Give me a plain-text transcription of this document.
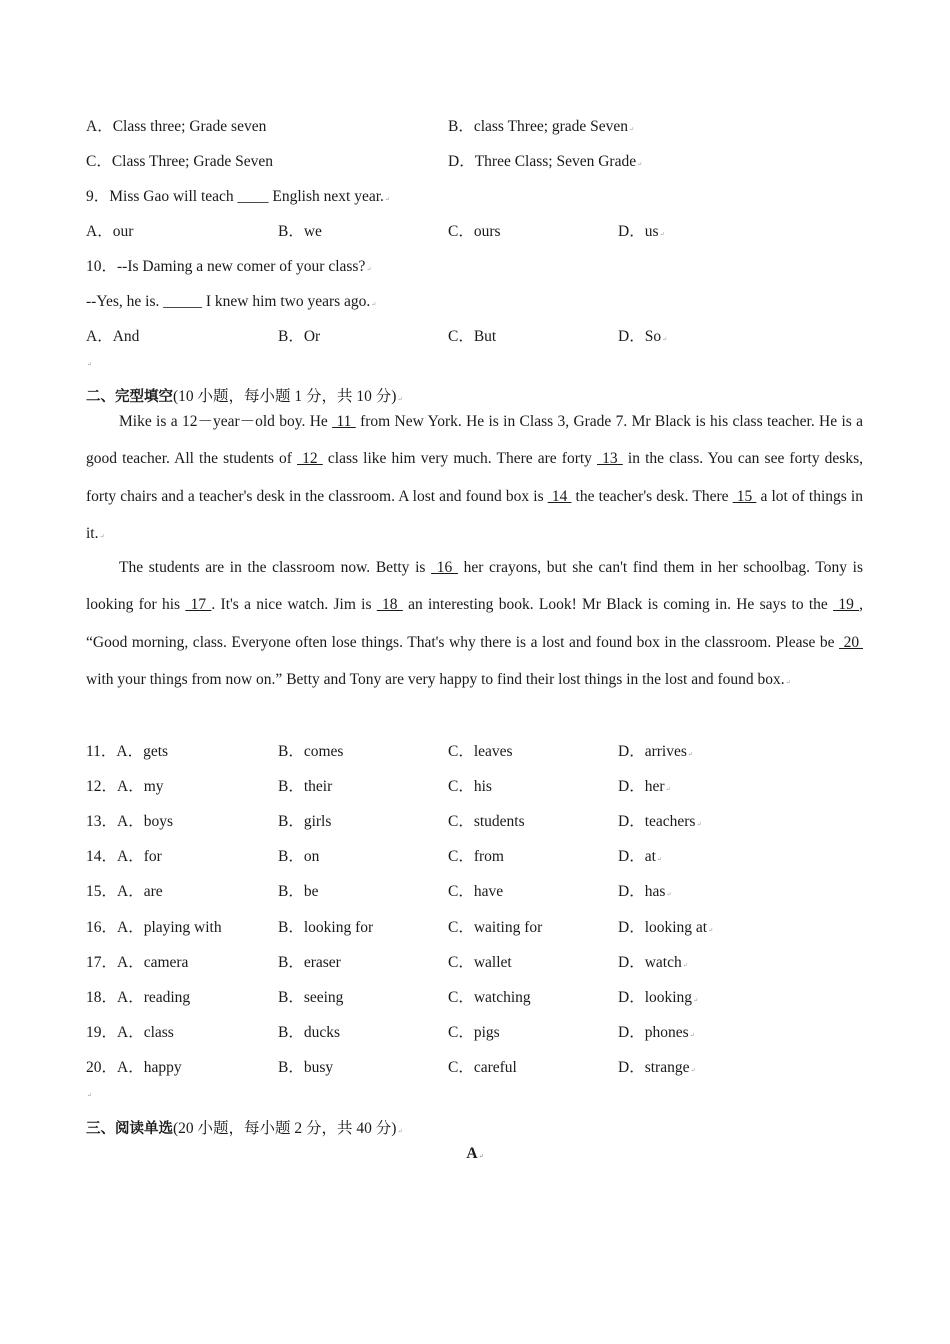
A．Class three; Grade seven	B．class Three; grade Seven↵
C．Class Three; Grade Seven	D．Three Class; Seven Grade↵
9．Miss Gao will teach ____ English next year.↵
A．our	B．we	C．ours	D．us↵
10．--Is Daming a new comer of your class?↵
--Yes, he is. _____ I knew him two years ago.↵
A．And	B．Or	C．But	D．So↵
↵
二、完型填空(10 小题，每小题 1 分，共 10 分)↵
Mike is a 12－year－old boy. He  11  from New York. He is in Class 3, Grade 7. Mr Black is his class teacher. He is a good teacher. All the students of  12  class like him very much. There are forty  13  in the class. You can see forty desks, forty chairs and a teacher's desk in the classroom. A lost and found box is  14  the teacher's desk. There  15  a lot of things in it.↵
The students are in the classroom now. Betty is  16  her crayons, but she can't find them in her schoolbag. Tony is looking for his  17 . It's a nice watch. Jim is  18  an interesting book. Look! Mr Black is coming in. He says to the  19 , “Good morning, class. Everyone often lose things. That's why there is a lost and found box in the classroom. Please be  20  with your things from now on.” Betty and Tony are very happy to find their lost things in the lost and found box.↵
11．A．gets	B．comes	C．leaves	D．arrives↵
12．A．my	B．their	C．his	D．her↵
13．A．boys	B．girls	C．students	D．teachers↵
14．A．for	B．on	C．from	D．at↵
15．A．are	B．be	C．have	D．has↵
16．A．playing with	B．looking for	C．waiting for	D．looking at↵
17．A．camera	B．eraser	C．wallet	D．watch↵
18．A．reading	B．seeing	C．watching	D．looking↵
19．A．class	B．ducks	C．pigs	D．phones↵
20．A．happy	B．busy	C．careful	D．strange↵
↵
三、阅读单选(20 小题，每小题 2 分，共 40 分)↵
A↵
